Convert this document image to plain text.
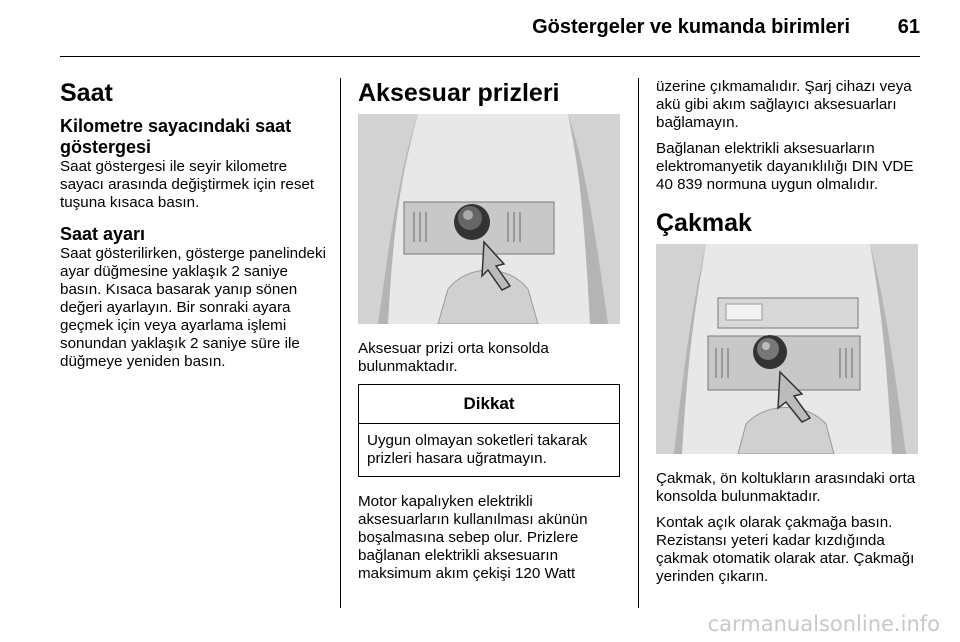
Göstergeler ve kumanda birimleri	61
Saat
Kilometre sayacındaki saat göstergesi

Saat göstergesi ile seyir kilometre sayacı arasında değiştirmek için reset tuşuna kısaca basın.

Saat ayarı

Saat gösterilirken, gösterge panelindeki ayar düğmesine yaklaşık 2 saniye basın. Kısaca basarak yanıp sönen değeri ayarlayın. Bir sonraki ayara geçmek için veya ayarlama işlemi sonundan yaklaşık 2 saniye süre ile düğmeye yeniden basın.

Aksesuar prizleri

Aksesuar prizi orta konsolda bulunmaktadır.

Dikkat
Uygun olmayan soketleri takarak prizleri hasara uğratmayın.

Motor kapalıyken elektrikli aksesuarların kullanılması akünün boşalmasına sebep olur. Prizlere bağlanan elektrikli aksesuarın maksimum akım çekişi 120 Watt

üzerine çıkmamalıdır. Şarj cihazı veya akü gibi akım sağlayıcı aksesuarları bağlamayın.

Bağlanan elektrikli aksesuarların elektromanyetik dayanıklılığı DIN VDE 40 839 normuna uygun olmalıdır.

Çakmak

Çakmak, ön koltukların arasındaki orta konsolda bulunmaktadır.

Kontak açık olarak çakmağa basın. Rezistansı yeteri kadar kızdığında çakmak otomatik olarak atar. Çakmağı yerinden çıkarın.

carmanualsonline.info
